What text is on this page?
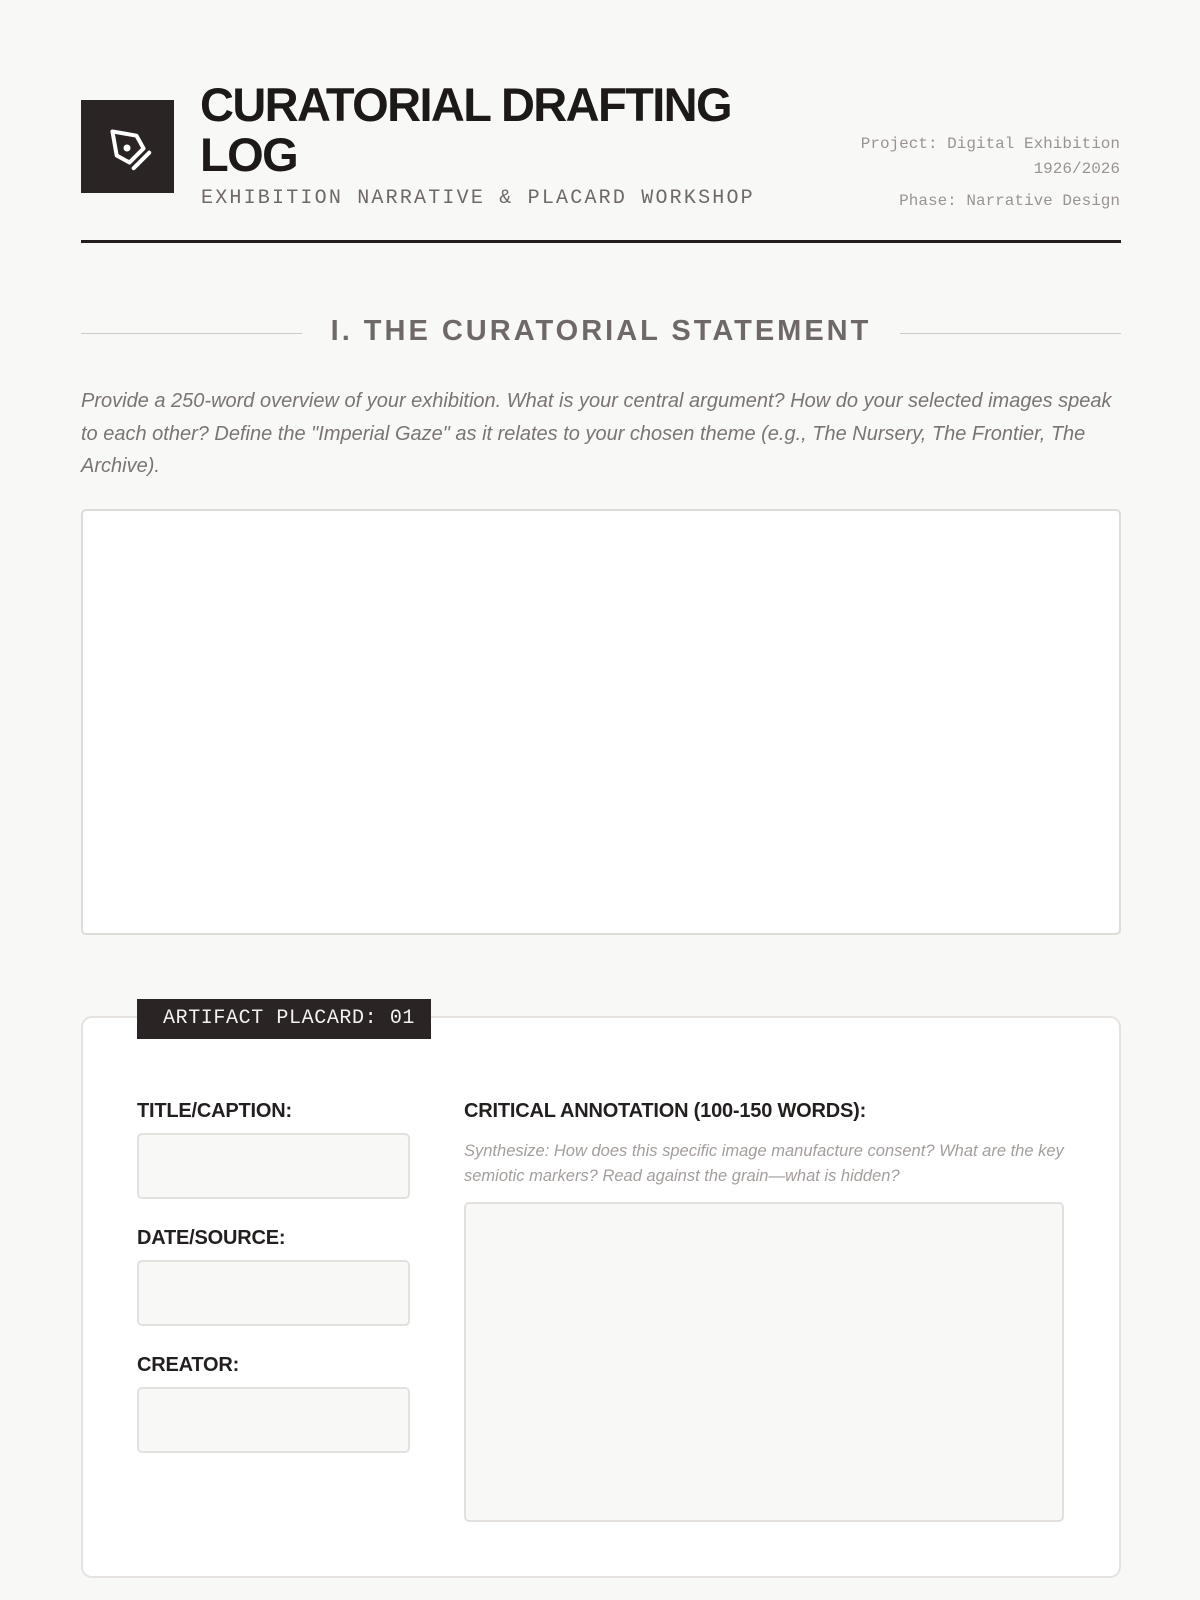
CURATORIAL DRAFTING LOG
EXHIBITION NARRATIVE & PLACARD WORKSHOP
Project: Digital Exhibition 1926/2026
Phase: Narrative Design
I. THE CURATORIAL STATEMENT
Provide a 250-word overview of your exhibition. What is your central argument? How do your selected images speak to each other? Define the "Imperial Gaze" as it relates to your chosen theme (e.g., The Nursery, The Frontier, The Archive).
ARTIFACT PLACARD: 01
TITLE/CAPTION:
DATE/SOURCE:
CREATOR:
CRITICAL ANNOTATION (100-150 WORDS):
Synthesize: How does this specific image manufacture consent? What are the key semiotic markers? Read against the grain—what is hidden?
